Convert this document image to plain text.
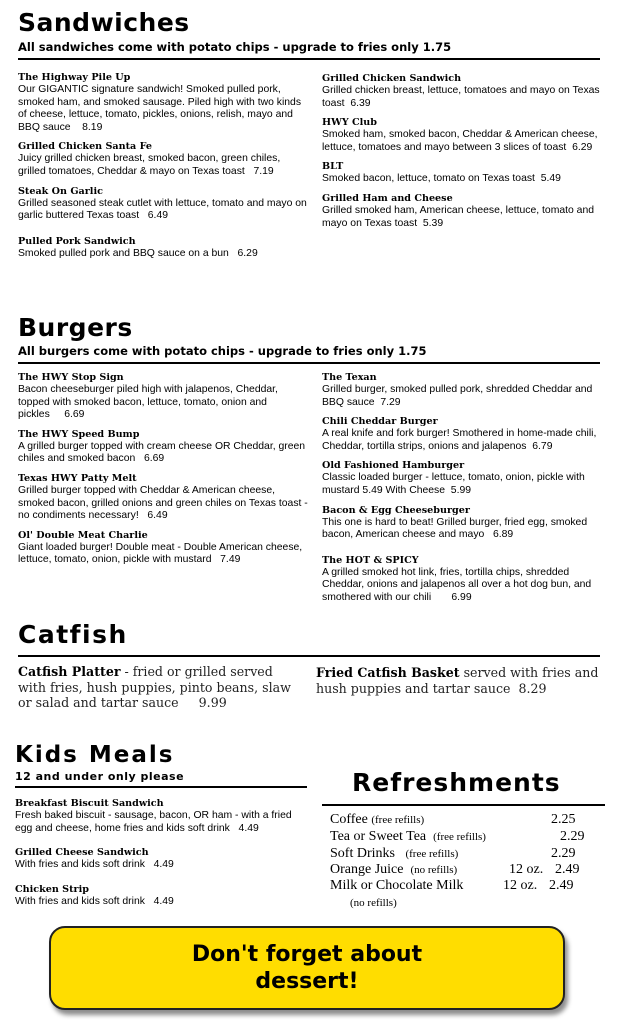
Sandwiches
All sandwiches come with potato chips - upgrade to fries only 1.75
The Highway Pile Up
Our GIGANTIC signature sandwich! Smoked pulled pork, smoked ham, and smoked sausage. Piled high with two kinds of cheese, lettuce, tomato, pickles, onions, relish, mayo and BBQ sauce 8.19
Grilled Chicken Santa Fe
Juicy grilled chicken breast, smoked bacon, green chiles, grilled tomatoes, Cheddar & mayo on Texas toast 7.19
Steak On Garlic
Grilled seasoned steak cutlet with lettuce, tomato and mayo on garlic buttered Texas toast 6.49
Pulled Pork Sandwich
Smoked pulled pork and BBQ sauce on a bun 6.29
Grilled Chicken Sandwich
Grilled chicken breast, lettuce, tomatoes and mayo on Texas toast 6.39
HWY Club
Smoked ham, smoked bacon, Cheddar & American cheese, lettuce, tomatoes and mayo between 3 slices of toast 6.29
BLT
Smoked bacon, lettuce, tomato on Texas toast 5.49
Grilled Ham and Cheese
Grilled smoked ham, American cheese, lettuce, tomato and mayo on Texas toast 5.39
Burgers
All burgers come with potato chips - upgrade to fries only 1.75
The HWY Stop Sign
Bacon cheeseburger piled high with jalapenos, Cheddar, topped with smoked bacon, lettuce, tomato, onion and pickles 6.69
The HWY Speed Bump
A grilled burger topped with cream cheese OR Cheddar, green chiles and smoked bacon 6.69
Texas HWY Patty Melt
Grilled burger topped with Cheddar & American cheese, smoked bacon, grilled onions and green chiles on Texas toast - no condiments necessary! 6.49
Ol' Double Meat Charlie
Giant loaded burger! Double meat - Double American cheese, lettuce, tomato, onion, pickle with mustard 7.49
The Texan
Grilled burger, smoked pulled pork, shredded Cheddar and BBQ sauce 7.29
Chili Cheddar Burger
A real knife and fork burger! Smothered in home-made chili, Cheddar, tortilla strips, onions and jalapenos 6.79
Old Fashioned Hamburger
Classic loaded burger - lettuce, tomato, onion, pickle with mustard 5.49 With Cheese 5.99
Bacon & Egg Cheeseburger
This one is hard to beat! Grilled burger, fried egg, smoked bacon, American cheese and mayo 6.89
The HOT & SPICY
A grilled smoked hot link, fries, tortilla chips, shredded Cheddar, onions and jalapenos all over a hot dog bun, and smothered with our chili 6.99
Catfish
Catfish Platter - fried or grilled served with fries, hush puppies, pinto beans, slaw or salad and tartar sauce 9.99
Fried Catfish Basket served with fries and hush puppies and tartar sauce 8.29
Kids Meals
12 and under only please
Breakfast Biscuit Sandwich
Fresh baked biscuit - sausage, bacon, OR ham - with a fried egg and cheese, home fries and kids soft drink 4.49
Grilled Cheese Sandwich
With fries and kids soft drink 4.49
Chicken Strip
With fries and kids soft drink 4.49
Refreshments
Coffee (free refills)	2.25
Tea or Sweet Tea (free refills)	2.29
Soft Drinks (free refills)	2.29
Orange Juice (no refills)	12 oz. 2.49
Milk or Chocolate Milk	12 oz. 2.49
(no refills)
Don't forget about
dessert!
